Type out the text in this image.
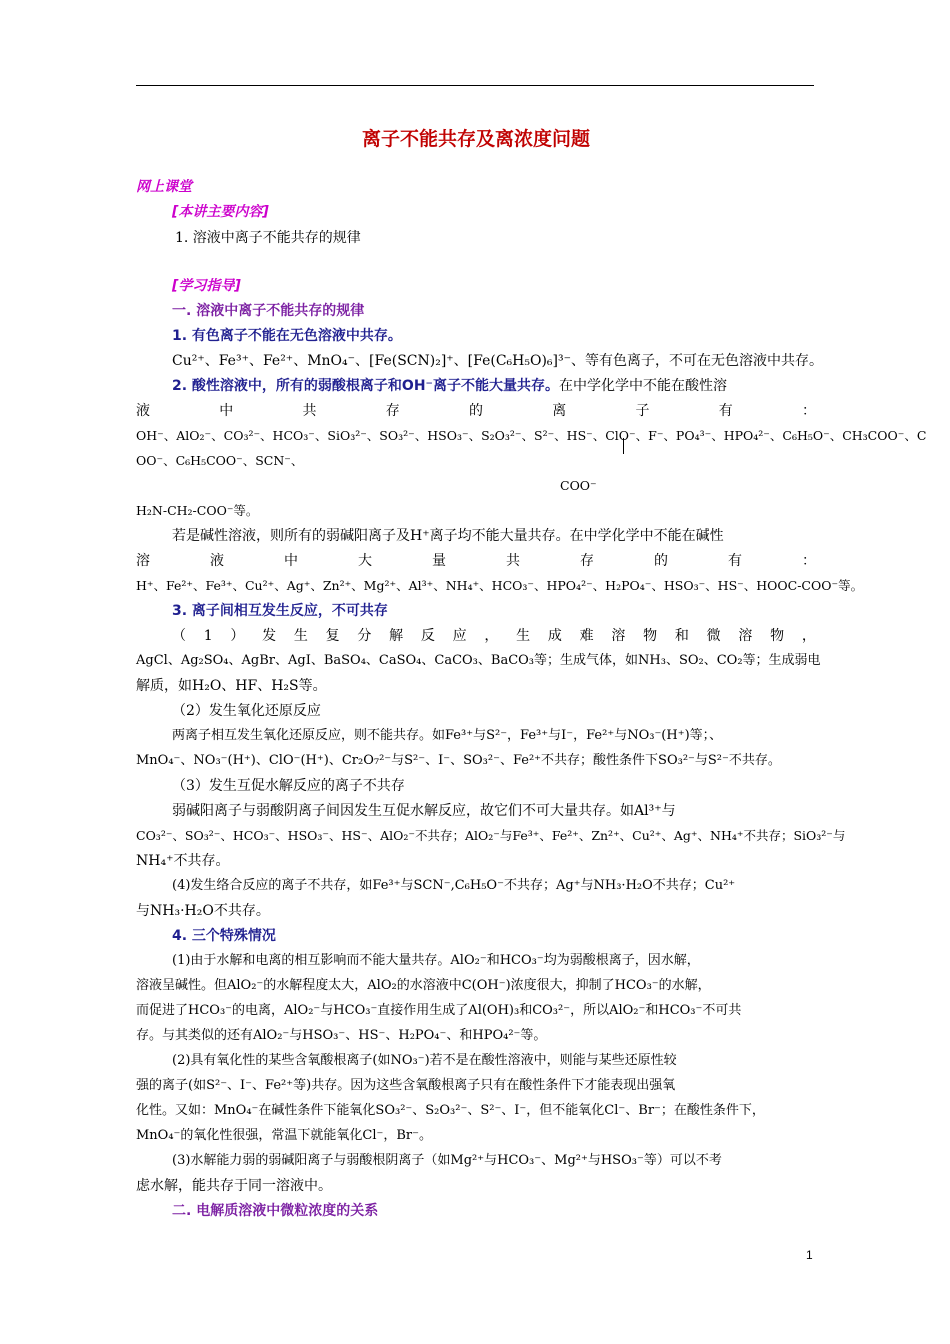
离子不能共存及离浓度问题
网上课堂
[本讲主要内容]
1. 溶液中离子不能共存的规律
[学习指导]
一. 溶液中离子不能共存的规律
1. 有色离子不能在无色溶液中共存。
Cu²⁺、Fe³⁺、Fe²⁺、MnO₄⁻、[Fe(SCN)₂]⁺、[Fe(C₆H₅O)₆]³⁻、等有色离子，不可在无色溶液中共存。
2. 酸性溶液中，所有的弱酸根离子和OH⁻离子不能大量共存。在中学化学中不能在酸性溶
液	中	共	存	的	离	子	有	：
OH⁻、AlO₂⁻、CO₃²⁻、HCO₃⁻、SiO₃²⁻、SO₃²⁻、HSO₃⁻、S₂O₃²⁻、S²⁻、HS⁻、ClO⁻、F⁻、PO₄³⁻、HPO₄²⁻、C₆H₅O⁻、CH₃COO⁻、C
OO⁻、C₆H₅COO⁻、SCN⁻、
COO⁻
H₂N-CH₂-COO⁻等。
若是碱性溶液，则所有的弱碱阳离子及H⁺离子均不能大量共存。在中学化学中不能在碱性
溶	液	中	大	量	共	存	的	有	：
H⁺、Fe²⁺、Fe³⁺、Cu²⁺、Ag⁺、Zn²⁺、Mg²⁺、Al³⁺、NH₄⁺、HCO₃⁻、HPO₄²⁻、H₂PO₄⁻、HSO₃⁻、HS⁻、HOOC-COO⁻等。
3. 离子间相互发生反应，不可共存
（ 1 ） 发 生 复 分 解 反 应 ， 生 成 难 溶 物 和 微 溶 物 ，
AgCl、Ag₂SO₄、AgBr、AgI、BaSO₄、CaSO₄、CaCO₃、BaCO₃等；生成气体，如NH₃、SO₂、CO₂等；生成弱电
解质，如H₂O、HF、H₂S等。
（2）发生氧化还原反应
两离子相互发生氧化还原反应，则不能共存。如Fe³⁺与S²⁻，Fe³⁺与I⁻，Fe²⁺与NO₃⁻(H⁺)等；、
MnO₄⁻、NO₃⁻(H⁺)、ClO⁻(H⁺)、Cr₂O₇²⁻与S²⁻、I⁻、SO₃²⁻、Fe²⁺不共存；酸性条件下SO₃²⁻与S²⁻不共存。
（3）发生互促水解反应的离子不共存
弱碱阳离子与弱酸阴离子间因发生互促水解反应，故它们不可大量共存。如Al³⁺与
CO₃²⁻、SO₃²⁻、HCO₃⁻、HSO₃⁻、HS⁻、AlO₂⁻不共存；AlO₂⁻与Fe³⁺、Fe²⁺、Zn²⁺、Cu²⁺、Ag⁺、NH₄⁺不共存；SiO₃²⁻与
NH₄⁺不共存。
(4)发生络合反应的离子不共存，如Fe³⁺与SCN⁻,C₆H₅O⁻不共存；Ag⁺与NH₃·H₂O不共存；Cu²⁺
与NH₃·H₂O不共存。
4. 三个特殊情况
(1)由于水解和电离的相互影响而不能大量共存。AlO₂⁻和HCO₃⁻均为弱酸根离子，因水解，
溶液呈碱性。但AlO₂⁻的水解程度太大，AlO₂的水溶液中C(OH⁻)浓度很大，抑制了HCO₃⁻的水解，
而促进了HCO₃⁻的电离，AlO₂⁻与HCO₃⁻直接作用生成了Al(OH)₃和CO₃²⁻，所以AlO₂⁻和HCO₃⁻不可共
存。与其类似的还有AlO₂⁻与HSO₃⁻、HS⁻、H₂PO₄⁻、和HPO₄²⁻等。
(2)具有氧化性的某些含氧酸根离子(如NO₃⁻)若不是在酸性溶液中，则能与某些还原性较
强的离子(如S²⁻、I⁻、Fe²⁺等)共存。因为这些含氧酸根离子只有在酸性条件下才能表现出强氧
化性。又如：MnO₄⁻在碱性条件下能氧化SO₃²⁻、S₂O₃²⁻、S²⁻、I⁻，但不能氧化Cl⁻、Br⁻；在酸性条件下，
MnO₄⁻的氧化性很强，常温下就能氧化Cl⁻，Br⁻。
(3)水解能力弱的弱碱阳离子与弱酸根阴离子（如Mg²⁺与HCO₃⁻、Mg²⁺与HSO₃⁻等）可以不考
虑水解，能共存于同一溶液中。
二. 电解质溶液中微粒浓度的关系
1
